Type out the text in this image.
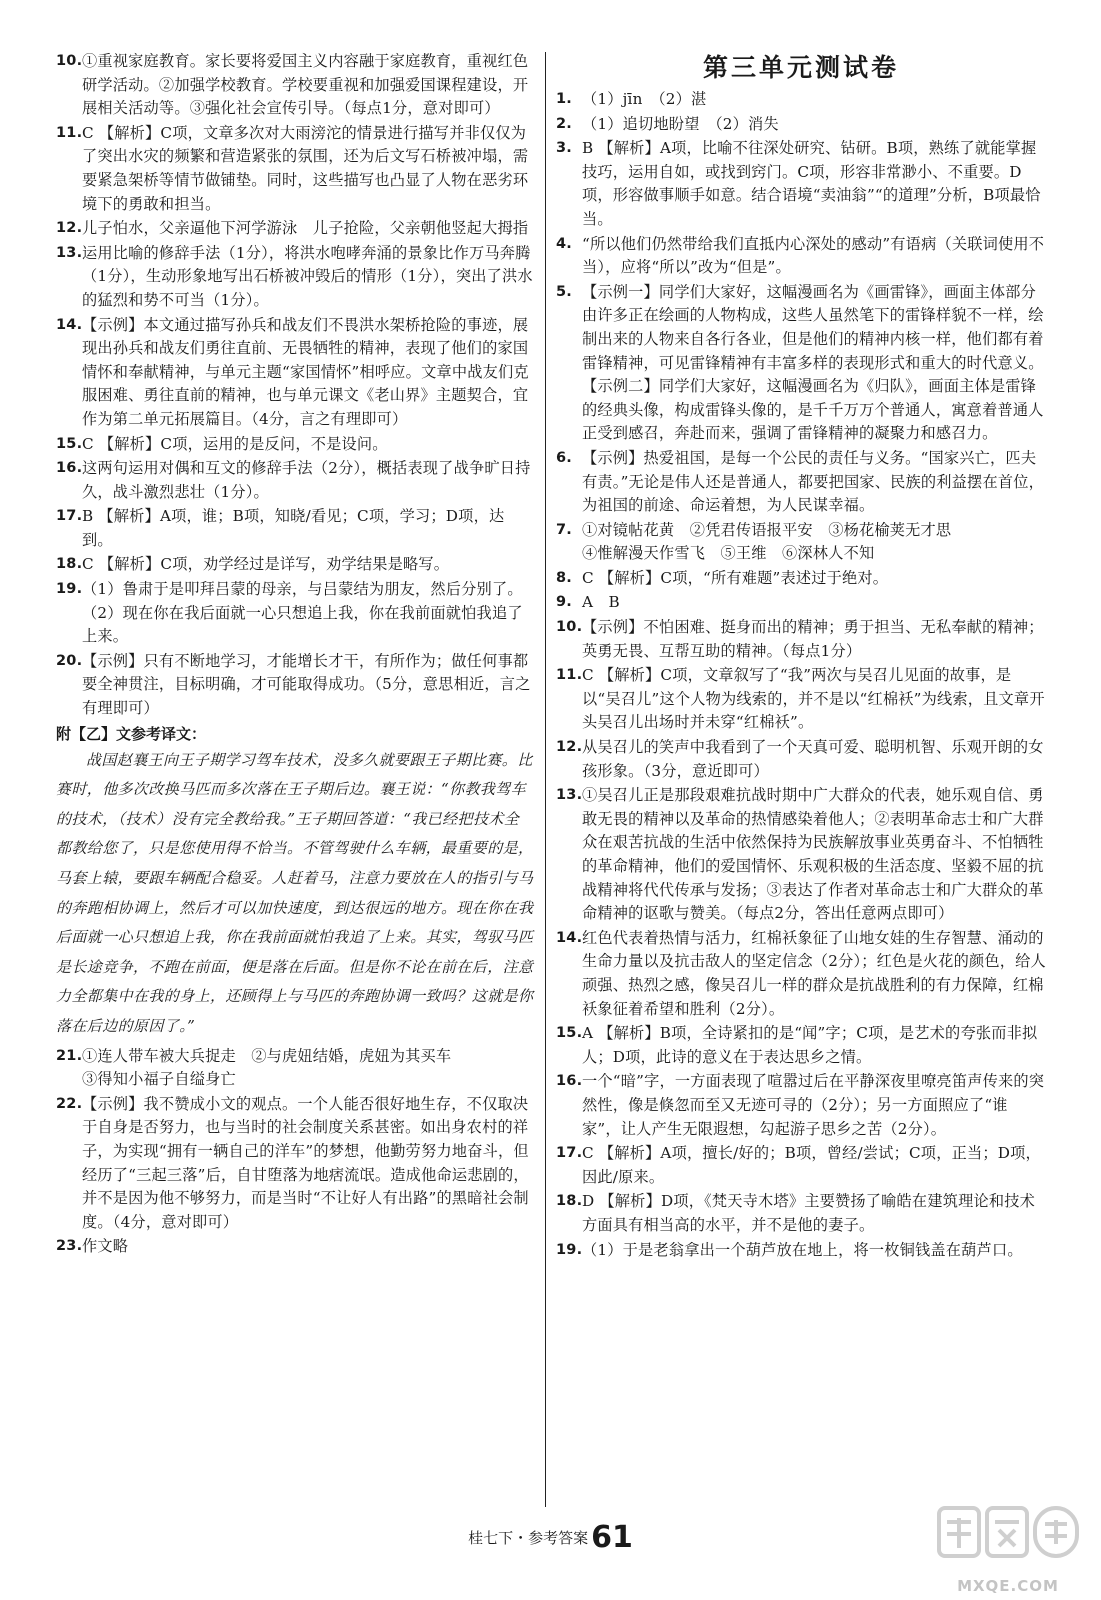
10. ①重视家庭教育。家长要将爱国主义内容融于家庭教育，重视红色研学活动。②加强学校教育。学校要重视和加强爱国课程建设，开展相关活动等。③强化社会宣传引导。（每点1分，意对即可）
11. C 【解析】C项，文章多次对大雨滂沱的情景进行描写并非仅仅为了突出水灾的频繁和营造紧张的氛围，还为后文写石桥被冲塌，需要紧急架桥等情节做铺垫。同时，这些描写也凸显了人物在恶劣环境下的勇敢和担当。
12. 儿子怕水，父亲逼他下河学游泳　儿子抢险，父亲朝他竖起大拇指
13. 运用比喻的修辞手法（1分），将洪水咆哮奔涌的景象比作万马奔腾（1分），生动形象地写出石桥被冲毁后的情形（1分），突出了洪水的猛烈和势不可当（1分）。
14. 【示例】本文通过描写孙兵和战友们不畏洪水架桥抢险的事迹，展现出孙兵和战友们勇往直前、无畏牺牲的精神，表现了他们的家国情怀和奉献精神，与单元主题“家国情怀”相呼应。文章中战友们克服困难、勇往直前的精神，也与单元课文《老山界》主题契合，宜作为第二单元拓展篇目。（4分，言之有理即可）
15. C 【解析】C项，运用的是反问，不是设问。
16. 这两句运用对偶和互文的修辞手法（2分），概括表现了战争旷日持久，战斗激烈悲壮（1分）。
17. B 【解析】A项，谁；B项，知晓/看见；C项，学习；D项，达到。
18. C 【解析】C项，劝学经过是详写，劝学结果是略写。
19. （1）鲁肃于是叩拜吕蒙的母亲，与吕蒙结为朋友，然后分别了。
（2）现在你在我后面就一心只想追上我，你在我前面就怕我追了上来。
20. 【示例】只有不断地学习，才能增长才干，有所作为；做任何事都要全神贯注，目标明确，才可能取得成功。（5分，意思相近，言之有理即可）
附【乙】文参考译文：
战国赵襄王向王子期学习驾车技术，没多久就要跟王子期比赛。比赛时，他多次改换马匹而多次落在王子期后边。襄王说：“你教我驾车的技术，（技术）没有完全教给我。”王子期回答道：“我已经把技术全都教给您了，只是您使用得不恰当。不管驾驶什么车辆，最重要的是，马套上辕，要跟车辆配合稳妥。人赶着马，注意力要放在人的指引与马的奔跑相协调上，然后才可以加快速度，到达很远的地方。现在你在我后面就一心只想追上我，你在我前面就怕我追了上来。其实，驾驭马匹是长途竞争，不跑在前面，便是落在后面。但是你不论在前在后，注意力全都集中在我的身上，还顾得上与马匹的奔跑协调一致吗？这就是你落在后边的原因了。”
21. ①连人带车被大兵捉走　②与虎妞结婚，虎妞为其买车
③得知小福子自缢身亡
22. 【示例】我不赞成小文的观点。一个人能否很好地生存，不仅取决于自身是否努力，也与当时的社会制度关系甚密。如出身农村的祥子，为实现“拥有一辆自己的洋车”的梦想，他勤劳努力地奋斗，但经历了“三起三落”后，自甘堕落为地痞流氓。造成他命运悲剧的，并不是因为他不够努力，而是当时“不让好人有出路”的黑暗社会制度。（4分，意对即可）
23. 作文略
第三单元测试卷
1. （1）jīn　（2）湛
2. （1）追切地盼望　（2）消失
3. B 【解析】A项，比喻不往深处研究、钻研。B项，熟练了就能掌握技巧，运用自如，或找到窍门。C项，形容非常渺小、不重要。D项，形容做事顺手如意。结合语境“卖油翁”“的道理”分析，B项最恰当。
4. “所以他们仍然带给我们直抵内心深处的感动”有语病（关联词使用不当），应将“所以”改为“但是”。
5. 【示例一】同学们大家好，这幅漫画名为《画雷锋》，画面主体部分由许多正在绘画的人物构成，这些人虽然笔下的雷锋样貌不一样，绘制出来的人物来自各行各业，但是他们的精神内核一样，他们都有着雷锋精神，可见雷锋精神有丰富多样的表现形式和重大的时代意义。
【示例二】同学们大家好，这幅漫画名为《归队》，画面主体是雷锋的经典头像，构成雷锋头像的，是千千万万个普通人，寓意着普通人正受到感召，奔赴而来，强调了雷锋精神的凝聚力和感召力。
6. 【示例】热爱祖国，是每一个公民的责任与义务。“国家兴亡，匹夫有责。”无论是伟人还是普通人，都要把国家、民族的利益摆在首位，为祖国的前途、命运着想，为人民谋幸福。
7. ①对镜帖花黄　②凭君传语报平安　③杨花榆荚无才思
④惟解漫天作雪飞　⑤王维　⑥深林人不知
8. C 【解析】C项，“所有难题”表述过于绝对。
9. A　B
10. 【示例】不怕困难、挺身而出的精神；勇于担当、无私奉献的精神；英勇无畏、互帮互助的精神。（每点1分）
11. C 【解析】C项，文章叙写了“我”两次与吴召儿见面的故事，是以“吴召儿”这个人物为线索的，并不是以“红棉袄”为线索，且文章开头吴召儿出场时并未穿“红棉袄”。
12. 从吴召儿的笑声中我看到了一个天真可爱、聪明机智、乐观开朗的女孩形象。（3分，意近即可）
13. ①吴召儿正是那段艰难抗战时期中广大群众的代表，她乐观自信、勇敢无畏的精神以及革命的热情感染着他人；②表明革命志士和广大群众在艰苦抗战的生活中依然保持为民族解放事业英勇奋斗、不怕牺牲的革命精神，他们的爱国情怀、乐观积极的生活态度、坚毅不屈的抗战精神将代代传承与发扬；③表达了作者对革命志士和广大群众的革命精神的讴歌与赞美。（每点2分，答出任意两点即可）
14. 红色代表着热情与活力，红棉袄象征了山地女娃的生存智慧、涌动的生命力量以及抗击敌人的坚定信念（2分）；红色是火花的颜色，给人顽强、热烈之感，像吴召儿一样的群众是抗战胜利的有力保障，红棉袄象征着希望和胜利（2分）。
15. A 【解析】B项，全诗紧扣的是“闻”字；C项，是艺术的夸张而非拟人；D项，此诗的意义在于表达思乡之情。
16. 一个“暗”字，一方面表现了喧嚣过后在平静深夜里嘹亮笛声传来的突然性，像是倏忽而至又无迹可寻的（2分）；另一方面照应了“谁家”，让人产生无限遐想，勾起游子思乡之苦（2分）。
17. C 【解析】A项，擅长/好的；B项，曾经/尝试；C项，正当；D项，因此/原来。
18. D 【解析】D项，《梵天寺木塔》主要赞扬了喻皓在建筑理论和技术方面具有相当高的水平，并不是他的妻子。
19. （1）于是老翁拿出一个葫芦放在地上，将一枚铜钱盖在葫芦口。
桂七下・参考答案 61
MXQE.COM
